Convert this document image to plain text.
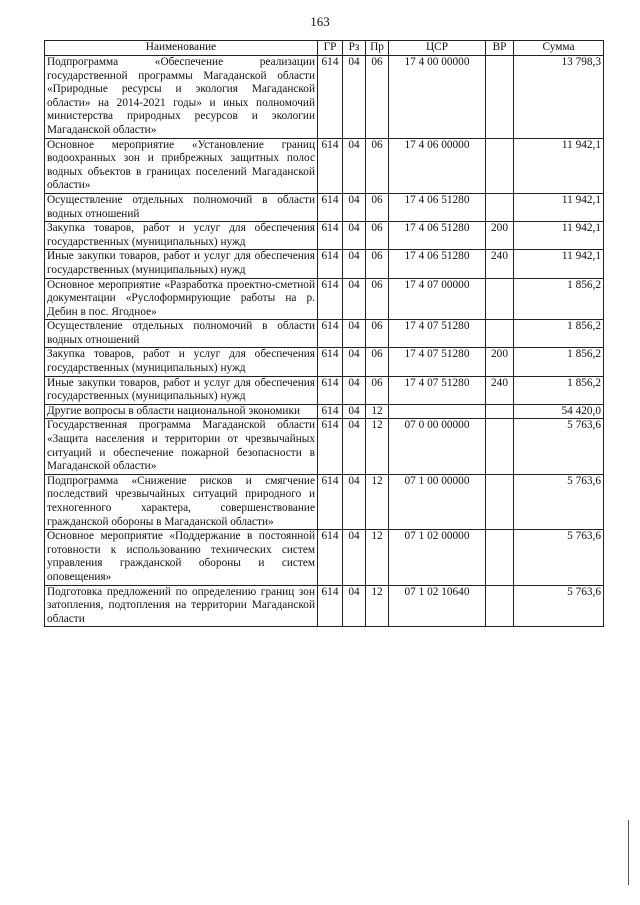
163
Наименование	ГР	Рз	Пр	ЦСР	ВР	Сумма
Подпрограмма «Обеспечение реализации государственной программы Магаданской области «Природные ресурсы и экология Магаданской области» на 2014-2021 годы» и иных полномочий министерства природных ресурсов и экологии Магаданской области»	614	04	06	17 4 00 00000		13 798,3
Основное мероприятие «Установление границ водоохранных зон и прибрежных защитных полос водных объектов в границах поселений Магаданской области»	614	04	06	17 4 06 00000		11 942,1
Осуществление отдельных полномочий в области водных отношений	614	04	06	17 4 06 51280		11 942,1
Закупка товаров, работ и услуг для обеспечения государственных (муниципальных) нужд	614	04	06	17 4 06 51280	200	11 942,1
Иные закупки товаров, работ и услуг для обеспечения государственных (муниципальных) нужд	614	04	06	17 4 06 51280	240	11 942,1
Основное мероприятие «Разработка проектно-сметной документации «Руслоформирующие работы на р. Дебин в пос. Ягодное»	614	04	06	17 4 07 00000		1 856,2
Осуществление отдельных полномочий в области водных отношений	614	04	06	17 4 07 51280		1 856,2
Закупка товаров, работ и услуг для обеспечения государственных (муниципальных) нужд	614	04	06	17 4 07 51280	200	1 856,2
Иные закупки товаров, работ и услуг для обеспечения государственных (муниципальных) нужд	614	04	06	17 4 07 51280	240	1 856,2
Другие вопросы в области национальной экономики	614	04	12			54 420,0
Государственная программа Магаданской области «Защита населения и территории от чрезвычайных ситуаций и обеспечение пожарной безопасности в Магаданской области»	614	04	12	07 0 00 00000		5 763,6
Подпрограмма «Снижение рисков и смягчение последствий чрезвычайных ситуаций природного и техногенного характера, совершенствование гражданской обороны в Магаданской области»	614	04	12	07 1 00 00000		5 763,6
Основное мероприятие «Поддержание в постоянной готовности к использованию технических систем управления гражданской обороны и систем оповещения»	614	04	12	07 1 02 00000		5 763,6
Подготовка предложений по определению границ зон затопления, подтопления на территории Магаданской области	614	04	12	07 1 02 10640		5 763,6
